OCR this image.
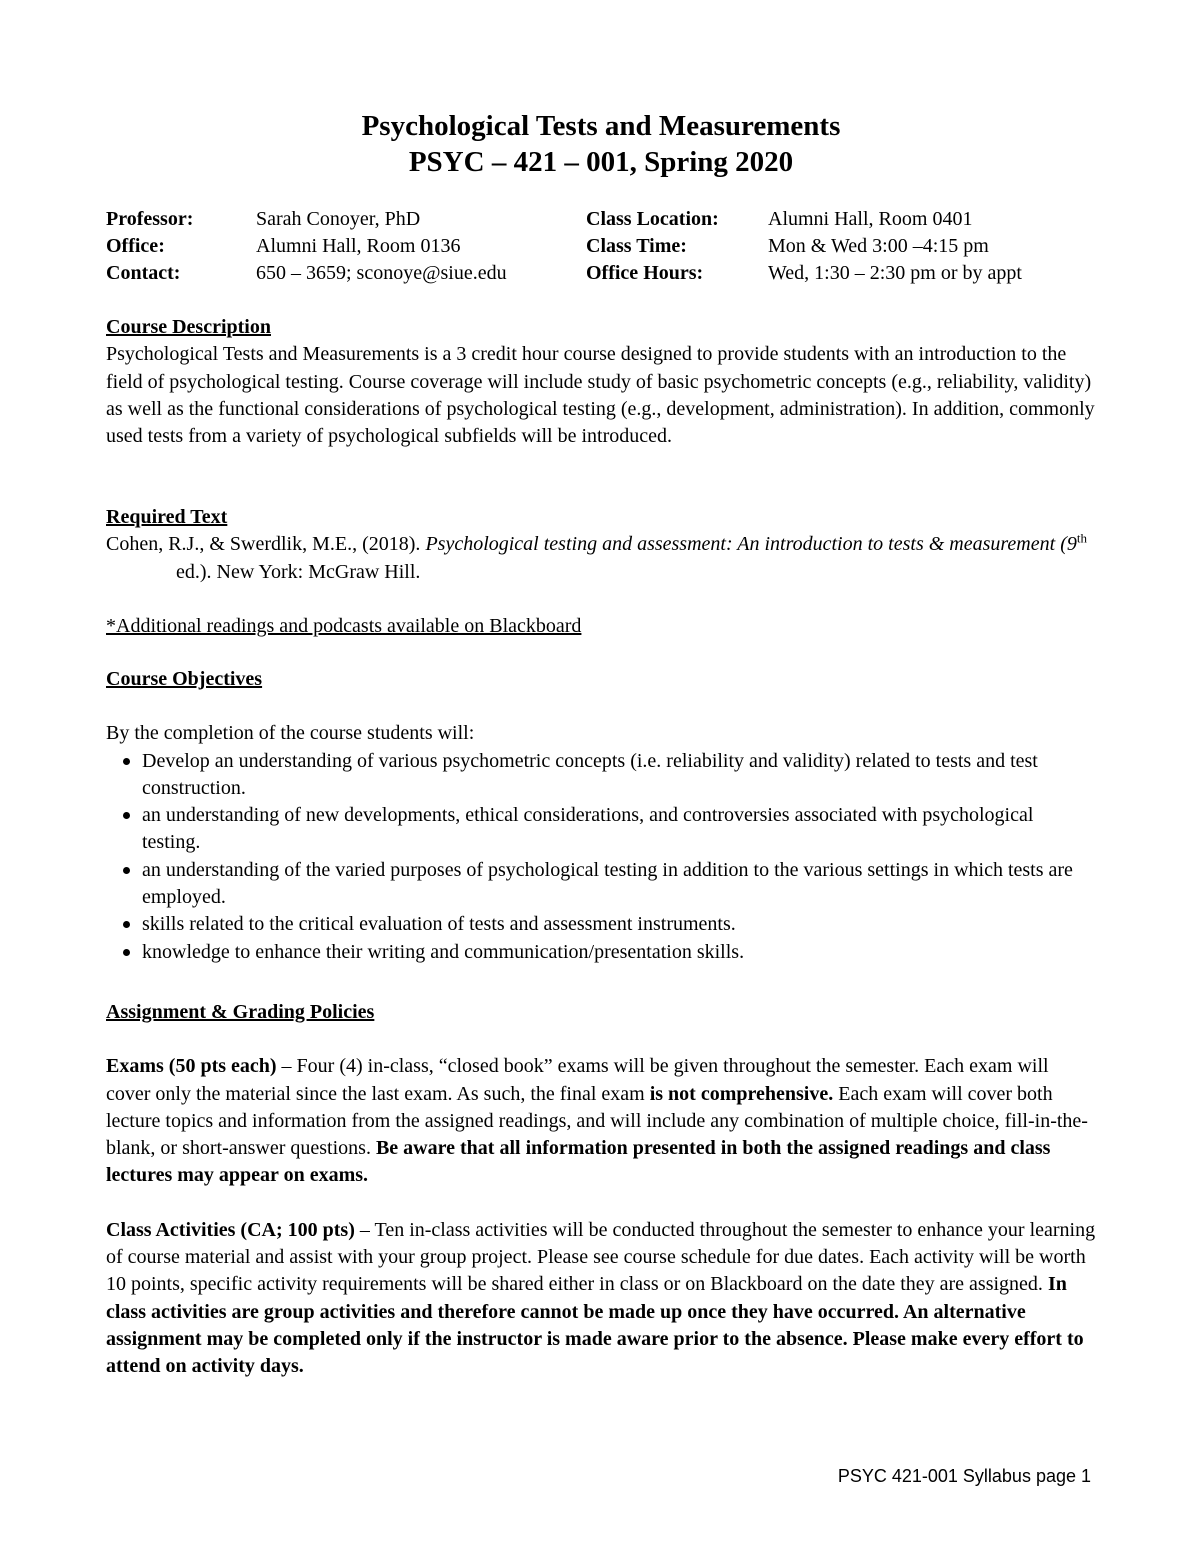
Psychological Tests and Measurements
PSYC – 421 – 001, Spring 2020
Professor:	Sarah Conoyer, PhD	Class Location: Alumni Hall, Room 0401
Office:	Alumni Hall, Room 0136	Class Time:	Mon & Wed 3:00 –4:15 pm
Contact:	650 – 3659; sconoye@siue.edu	Office Hours:	Wed, 1:30 – 2:30 pm or by appt
Course Description
Psychological Tests and Measurements is a 3 credit hour course designed to provide students with an introduction to the field of psychological testing. Course coverage will include study of basic psychometric concepts (e.g., reliability, validity) as well as the functional considerations of psychological testing (e.g., development, administration). In addition, commonly used tests from a variety of psychological subfields will be introduced.
Required Text
Cohen, R.J., & Swerdlik, M.E., (2018). Psychological testing and assessment: An introduction to tests & measurement (9th ed.). New York: McGraw Hill.
*Additional readings and podcasts available on Blackboard
Course Objectives
By the completion of the course students will:
Develop an understanding of various psychometric concepts (i.e. reliability and validity) related to tests and test construction.
an understanding of new developments, ethical considerations, and controversies associated with psychological testing.
an understanding of the varied purposes of psychological testing in addition to the various settings in which tests are employed.
skills related to the critical evaluation of tests and assessment instruments.
knowledge to enhance their writing and communication/presentation skills.
Assignment & Grading Policies
Exams (50 pts each) – Four (4) in-class, “closed book” exams will be given throughout the semester. Each exam will cover only the material since the last exam. As such, the final exam is not comprehensive. Each exam will cover both lecture topics and information from the assigned readings, and will include any combination of multiple choice, fill-in-the-blank, or short-answer questions. Be aware that all information presented in both the assigned readings and class lectures may appear on exams.
Class Activities (CA; 100 pts) – Ten in-class activities will be conducted throughout the semester to enhance your learning of course material and assist with your group project. Please see course schedule for due dates. Each activity will be worth 10 points, specific activity requirements will be shared either in class or on Blackboard on the date they are assigned. In class activities are group activities and therefore cannot be made up once they have occurred. An alternative assignment may be completed only if the instructor is made aware prior to the absence. Please make every effort to attend on activity days.
PSYC 421-001 Syllabus page 1
